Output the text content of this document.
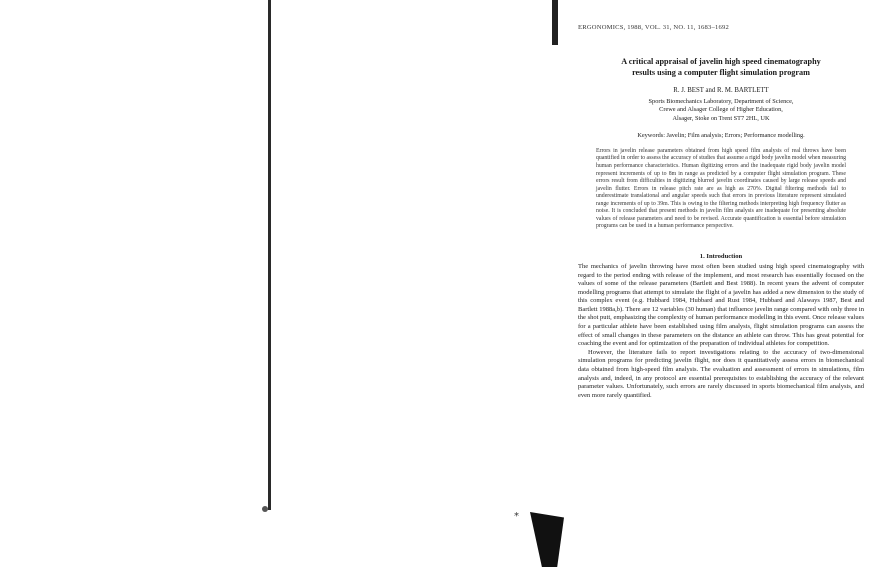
*
ERGONOMICS, 1988, VOL. 31, NO. 11, 1683–1692
A critical appraisal of javelin high speed cinematography
results using a computer flight simulation program
R. J. BEST and R. M. BARTLETT
Sports Biomechanics Laboratory, Department of Science,
Crewe and Alsager College of Higher Education,
Alsager, Stoke on Trent ST7 2HL, UK
Keywords: Javelin; Film analysis; Errors; Performance modelling.
Errors in javelin release parameters obtained from high speed film analysis of real throws have been quantified in order to assess the accuracy of studies that assume a rigid body javelin model when measuring human performance characteristics. Human digitizing errors and the inadequate rigid body javelin model represent increments of up to 8m in range as predicted by a computer flight simulation program. These errors result from difficulties in digitizing blurred javelin coordinates caused by large release speeds and javelin flutter. Errors in release pitch rate are as high as 270%. Digital filtering methods fail to underestimate translational and angular speeds such that errors in previous literature represent simulated range increments of up to 39m. This is owing to the filtering methods interpreting high frequency flutter as noise. It is concluded that present methods in javelin film analysis are inadequate for presenting absolute values of release parameters and need to be revised. Accurate quantification is essential before simulation programs can be used in a human performance perspective.
1. Introduction

The mechanics of javelin throwing have most often been studied using high speed cinematography with regard to the period ending with release of the implement, and most research has essentially focused on the values of some of the release parameters (Bartlett and Best 1988). In recent years the advent of computer modelling programs that attempt to simulate the flight of a javelin has added a new dimension to the study of this complex event (e.g. Hubbard 1984, Hubbard and Rust 1984, Hubbard and Alaways 1987, Best and Bartlett 1988a,b). There are 12 variables (30 human) that influence javelin range compared with only three in the shot putt, emphasizing the complexity of human performance modelling in this event. Once release values for a particular athlete have been established using film analysis, flight simulation programs can assess the effect of small changes in these parameters on the distance an athlete can throw. This has great potential for coaching the event and for optimization of the preparation of individual athletes for competition.

However, the literature fails to report investigations relating to the accuracy of two-dimensional simulation programs for predicting javelin flight, nor does it quantitatively assess errors in biomechanical data obtained from high-speed film analysis. The evaluation and assessment of errors in simulations, film analysis and, indeed, in any protocol are essential prerequisites to establishing the accuracy of the relevant parameter values. Unfortunately, such errors are rarely discussed in sports biomechanical film analysis, and even more rarely quantified.
